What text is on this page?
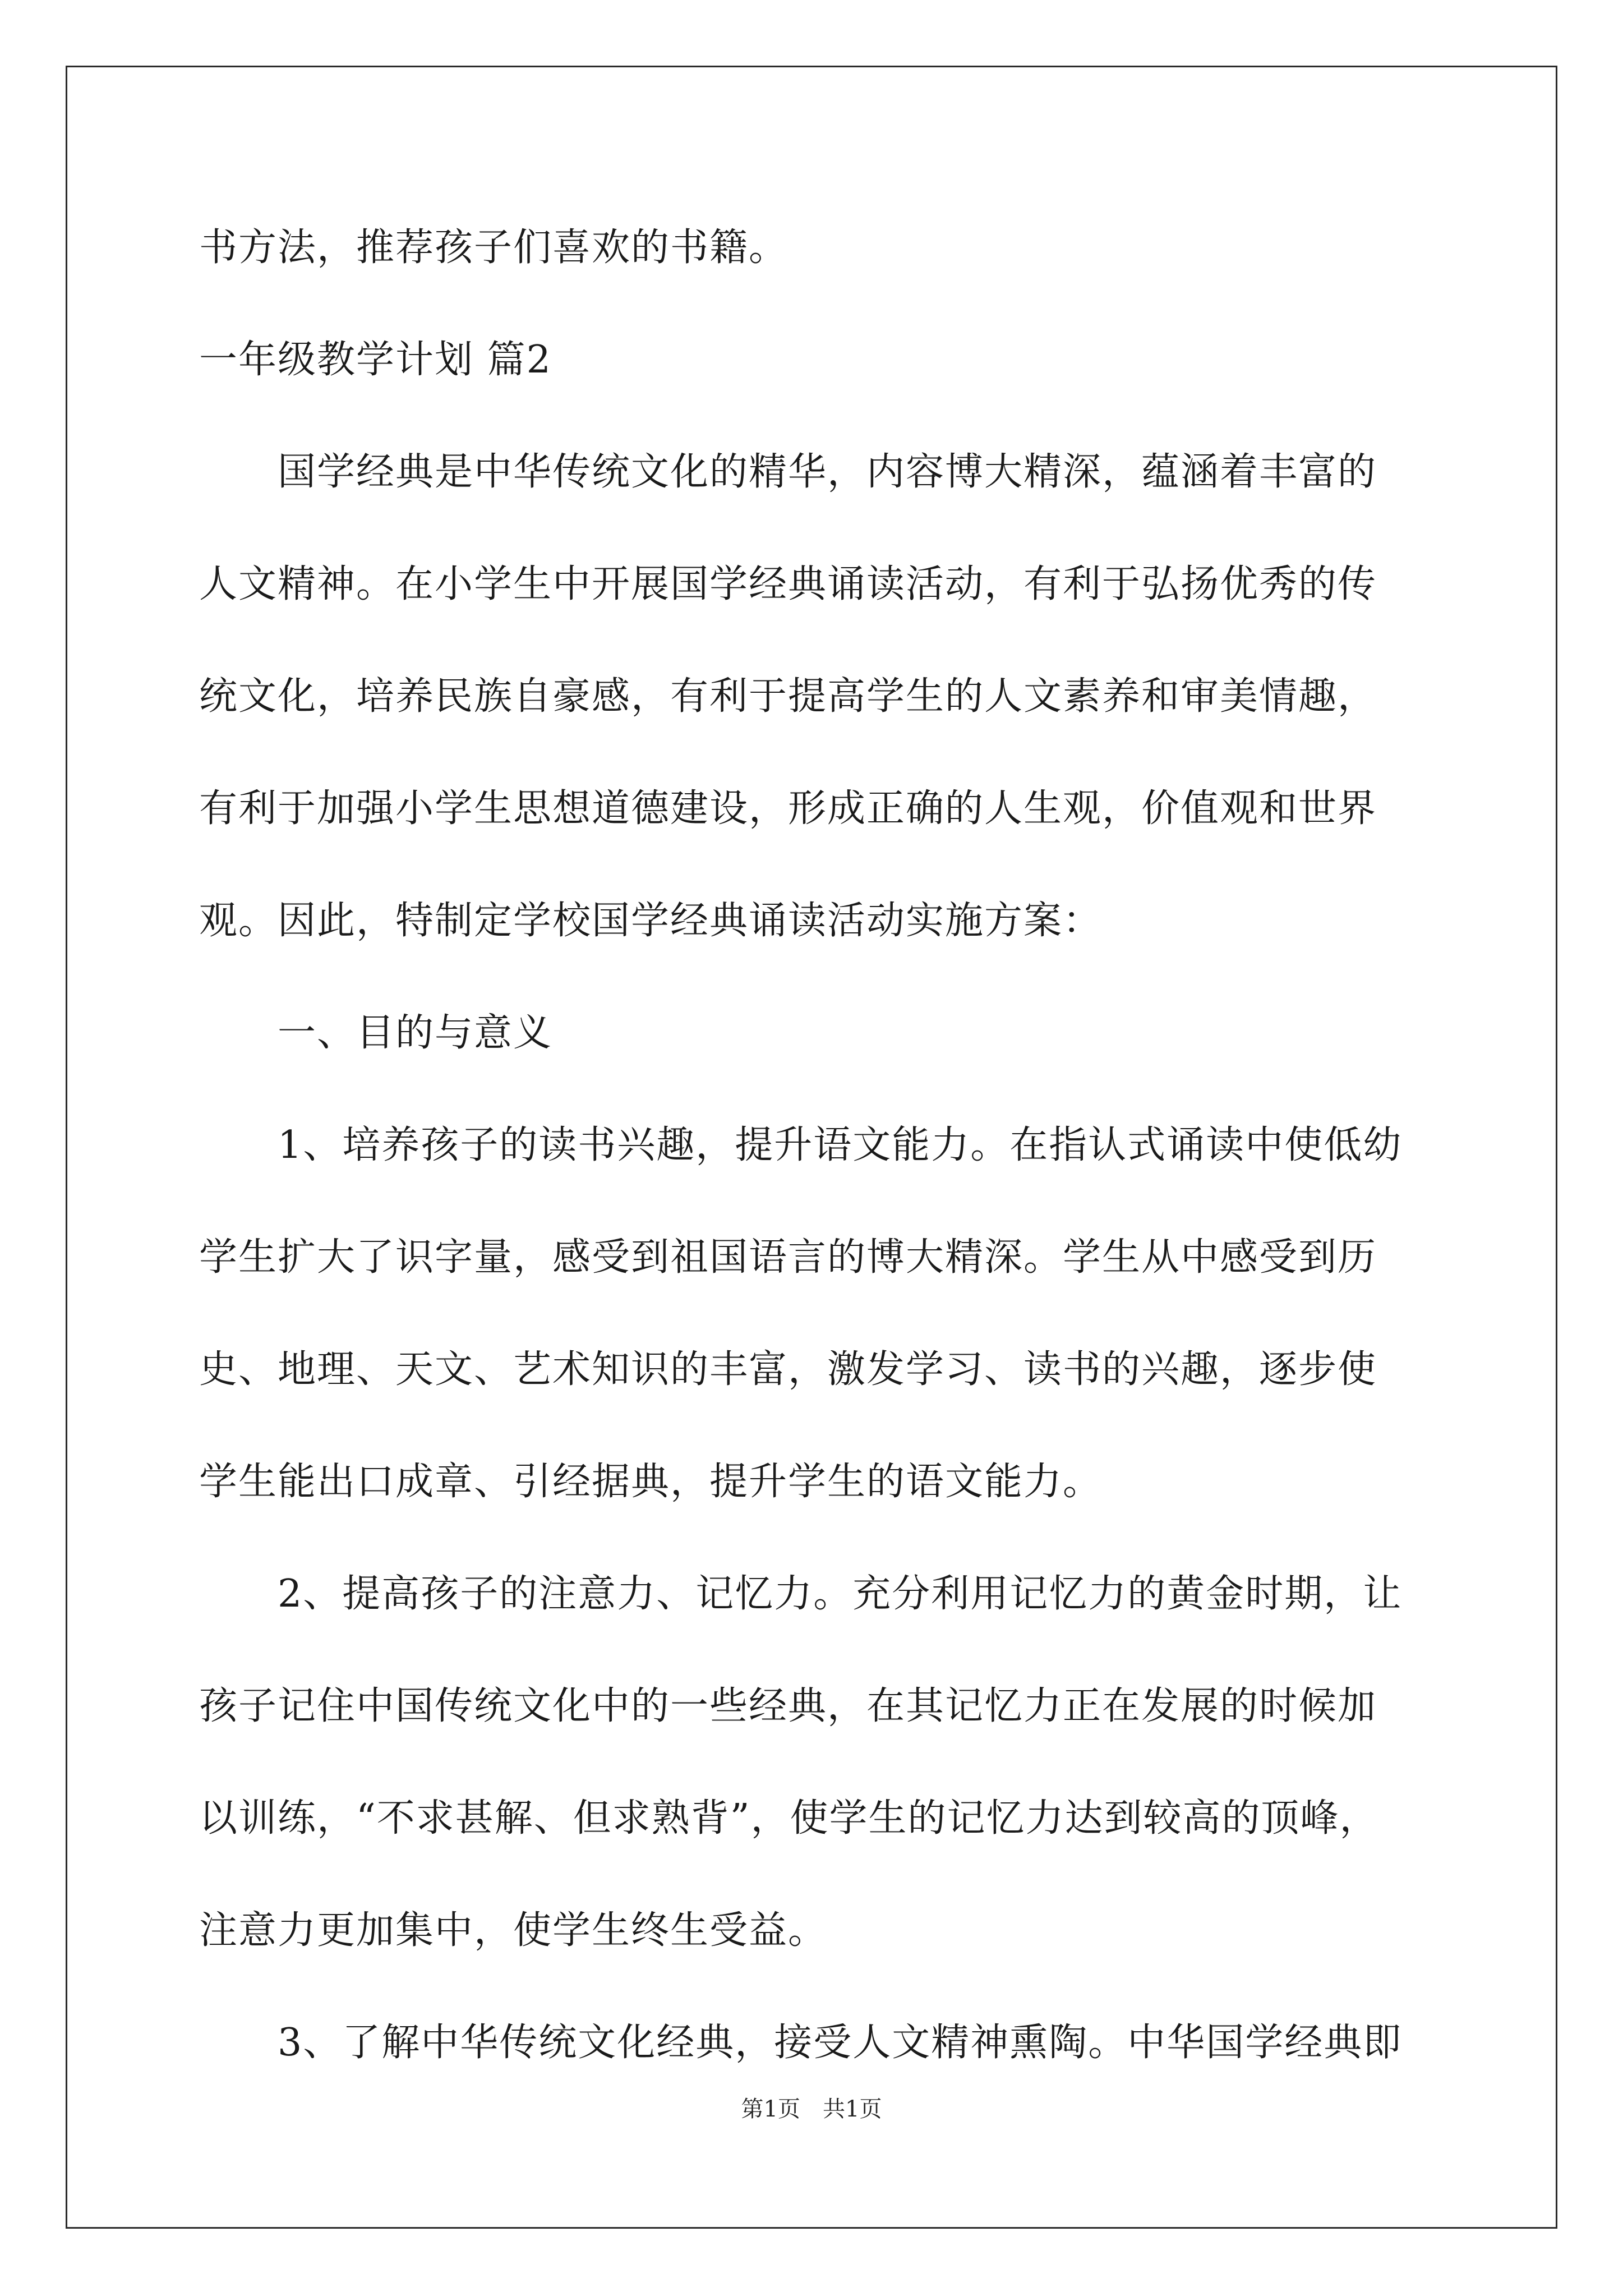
书方法，推荐孩子们喜欢的书籍。
一年级教学计划 篇2
　　国学经典是中华传统文化的精华，内容博大精深，蕴涵着丰富的
人文精神。在小学生中开展国学经典诵读活动，有利于弘扬优秀的传
统文化，培养民族自豪感，有利于提高学生的人文素养和审美情趣，
有利于加强小学生思想道德建设，形成正确的人生观，价值观和世界
观。因此，特制定学校国学经典诵读活动实施方案：
　　一、目的与意义
　　1、培养孩子的读书兴趣，提升语文能力。在指认式诵读中使低幼
学生扩大了识字量，感受到祖国语言的博大精深。学生从中感受到历
史、地理、天文、艺术知识的丰富，激发学习、读书的兴趣，逐步使
学生能出口成章、引经据典，提升学生的语文能力。
　　2、提高孩子的注意力、记忆力。充分利用记忆力的黄金时期，让
孩子记住中国传统文化中的一些经典，在其记忆力正在发展的时候加
以训练，“不求甚解、但求熟背”，使学生的记忆力达到较高的顶峰，
注意力更加集中，使学生终生受益。
　　3、了解中华传统文化经典，接受人文精神熏陶。中华国学经典即
第1页　共1页
